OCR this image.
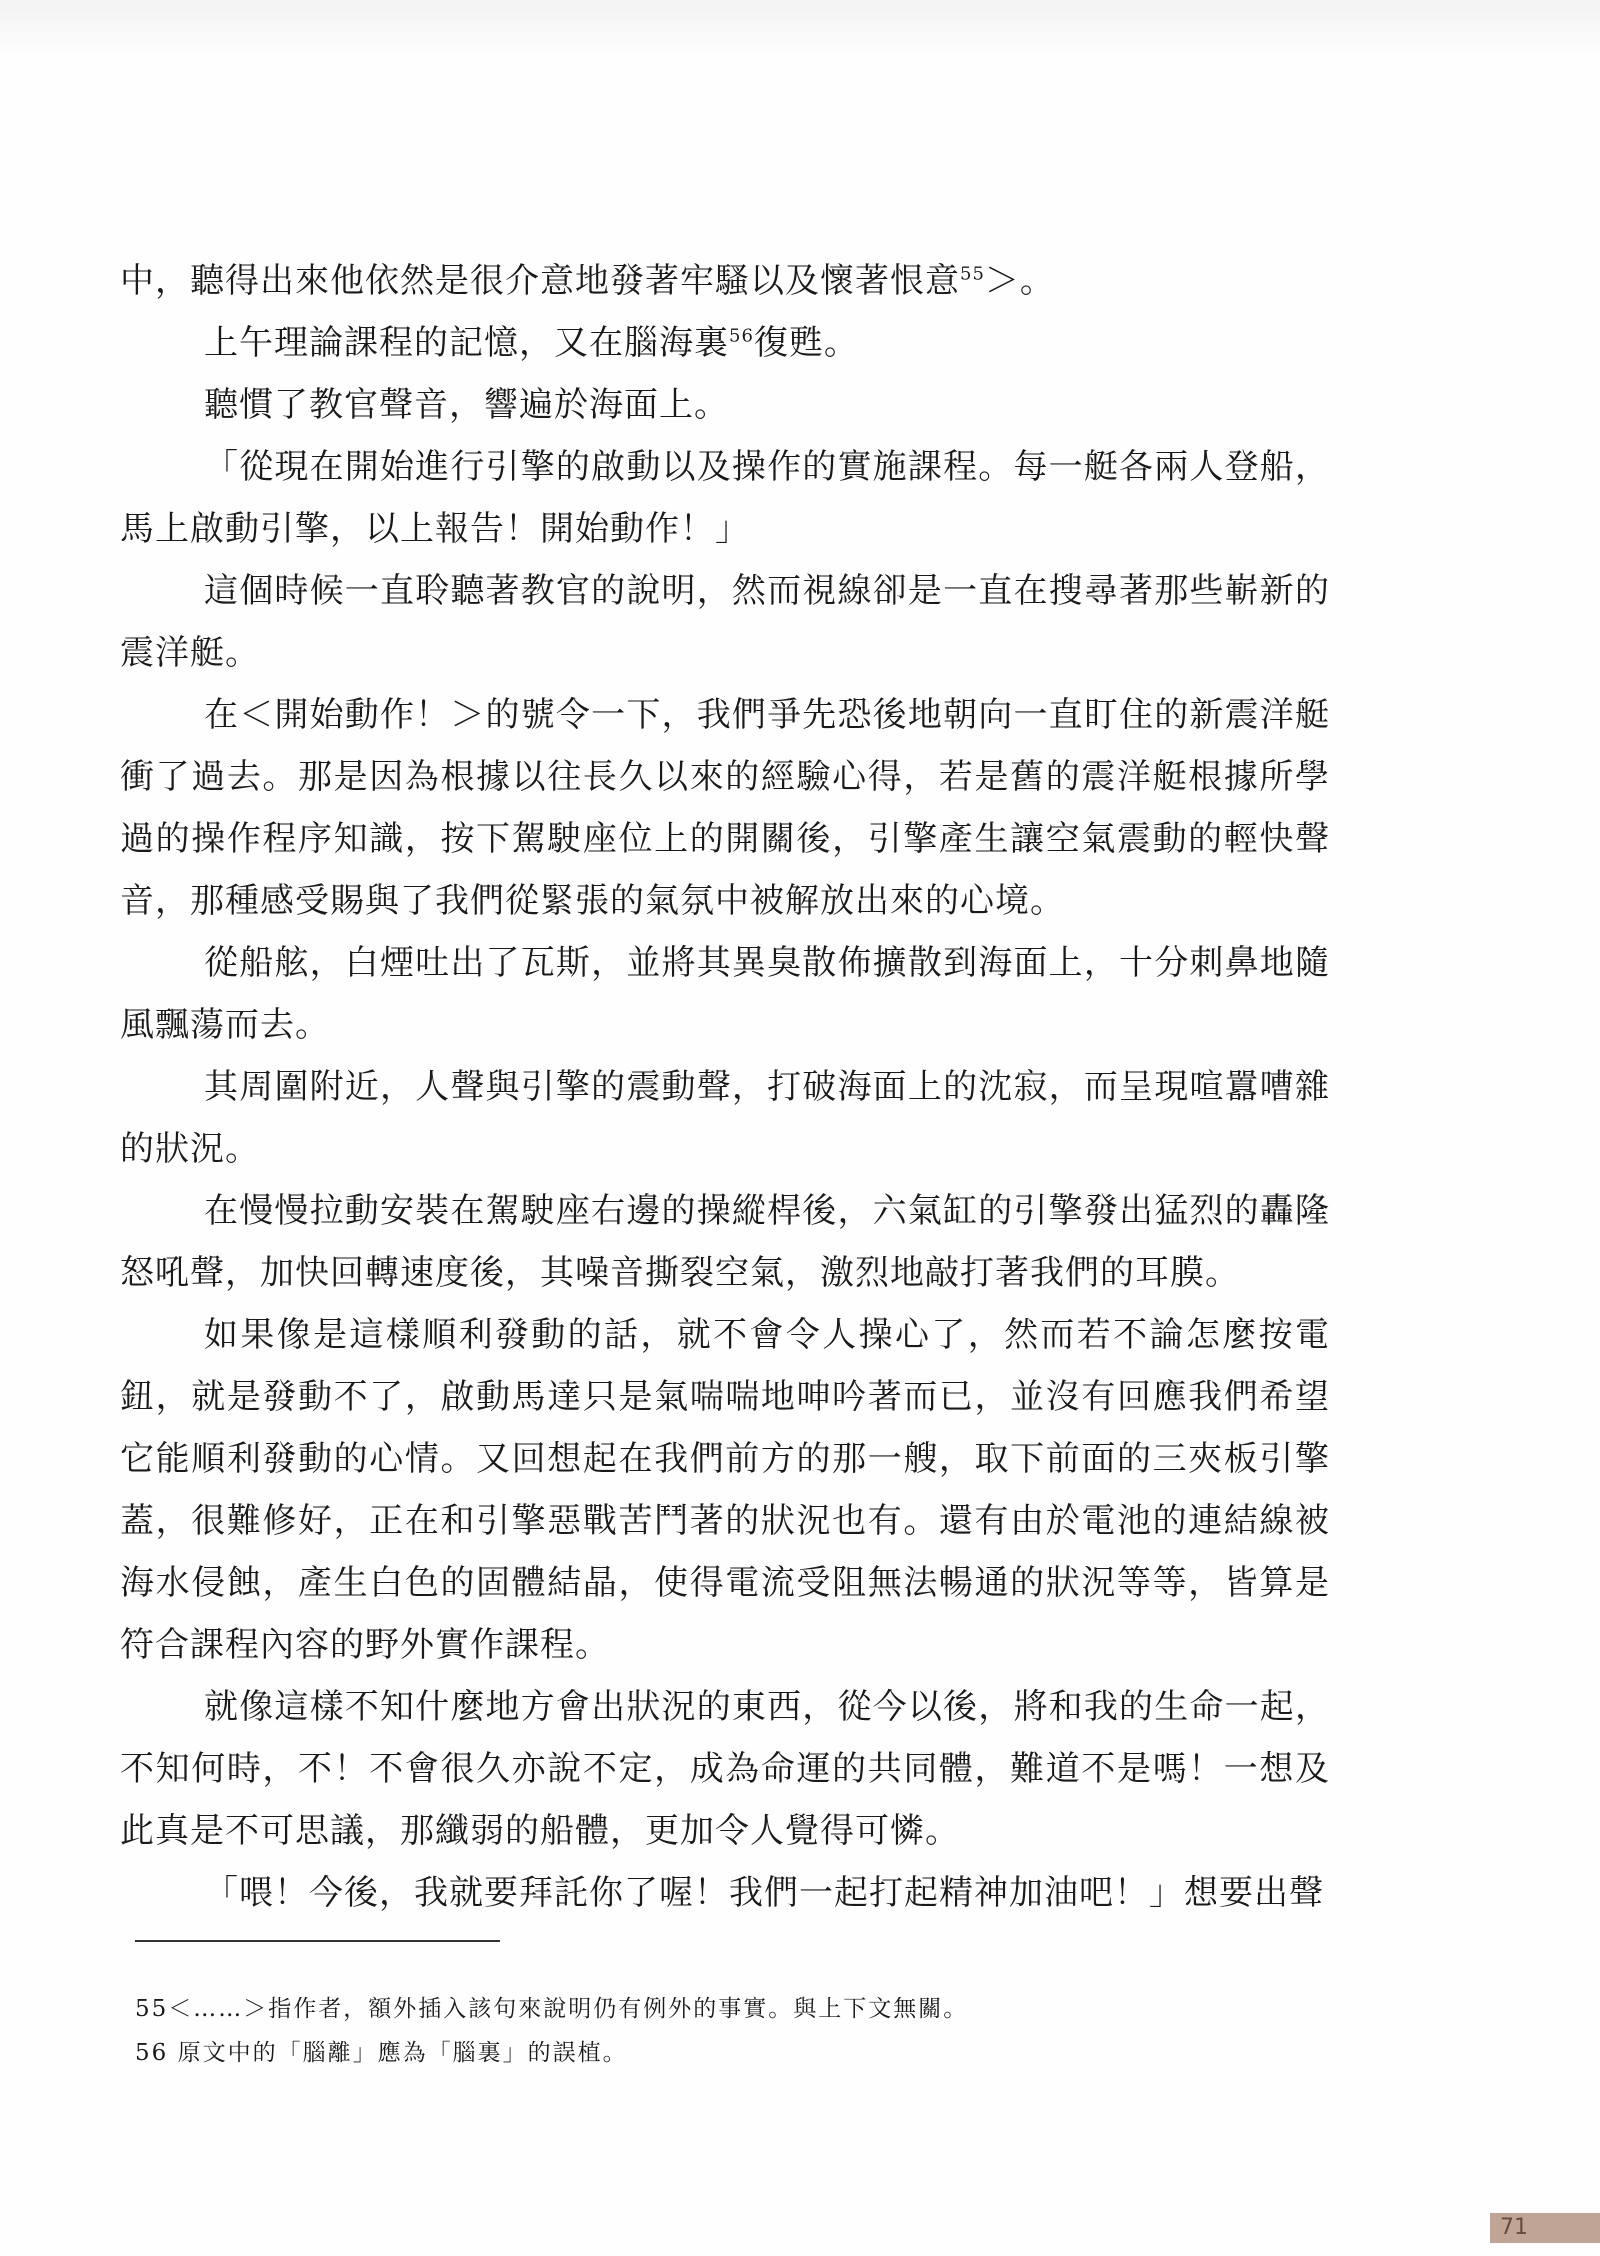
中，聽得出來他依然是很介意地發著牢騷以及懷著恨意$^{55}$＞。

上午理論課程的記憶，又在腦海裏$^{56}$復甦。

聽慣了教官聲音，響遍於海面上。

「從現在開始進行引擎的啟動以及操作的實施課程。每一艇各兩人登船，馬上啟動引擎，以上報告！開始動作！」

這個時候一直聆聽著教官的說明，然而視線卻是一直在搜尋著那些嶄新的震洋艇。

在＜開始動作！＞的號令一下，我們爭先恐後地朝向一直盯住的新震洋艇衝了過去。那是因為根據以往長久以來的經驗心得，若是舊的震洋艇根據所學過的操作程序知識，按下駕駛座位上的開關後，引擎產生讓空氣震動的輕快聲音，那種感受賜與了我們從緊張的氣氛中被解放出來的心境。

從船舷，白煙吐出了瓦斯，並將其異臭散佈擴散到海面上，十分刺鼻地隨風飄蕩而去。

其周圍附近，人聲與引擎的震動聲，打破海面上的沈寂，而呈現喧囂嘈雜的狀況。

在慢慢拉動安裝在駕駛座右邊的操縱桿後，六氣缸的引擎發出猛烈的轟隆怒吼聲，加快回轉速度後，其噪音撕裂空氣，激烈地敲打著我們的耳膜。

如果像是這樣順利發動的話，就不會令人操心了，然而若不論怎麼按電鈕，就是發動不了，啟動馬達只是氣喘喘地呻吟著而已，並沒有回應我們希望它能順利發動的心情。又回想起在我們前方的那一艘，取下前面的三夾板引擎蓋，很難修好，正在和引擎惡戰苦鬥著的狀況也有。還有由於電池的連結線被海水侵蝕，產生白色的固體結晶，使得電流受阻無法暢通的狀況等等，皆算是符合課程內容的野外實作課程。

就像這樣不知什麼地方會出狀況的東西，從今以後，將和我的生命一起，不知何時，不！不會很久亦說不定，成為命運的共同體，難道不是嗎！一想及此真是不可思議，那纖弱的船體，更加令人覺得可憐。

「喂！今後，我就要拜託你了喔！我們一起打起精神加油吧！」想要出聲

55＜……＞指作者，額外插入該句來說明仍有例外的事實。與上下文無關。

56 原文中的「腦離」應為「腦裏」的誤植。

71
